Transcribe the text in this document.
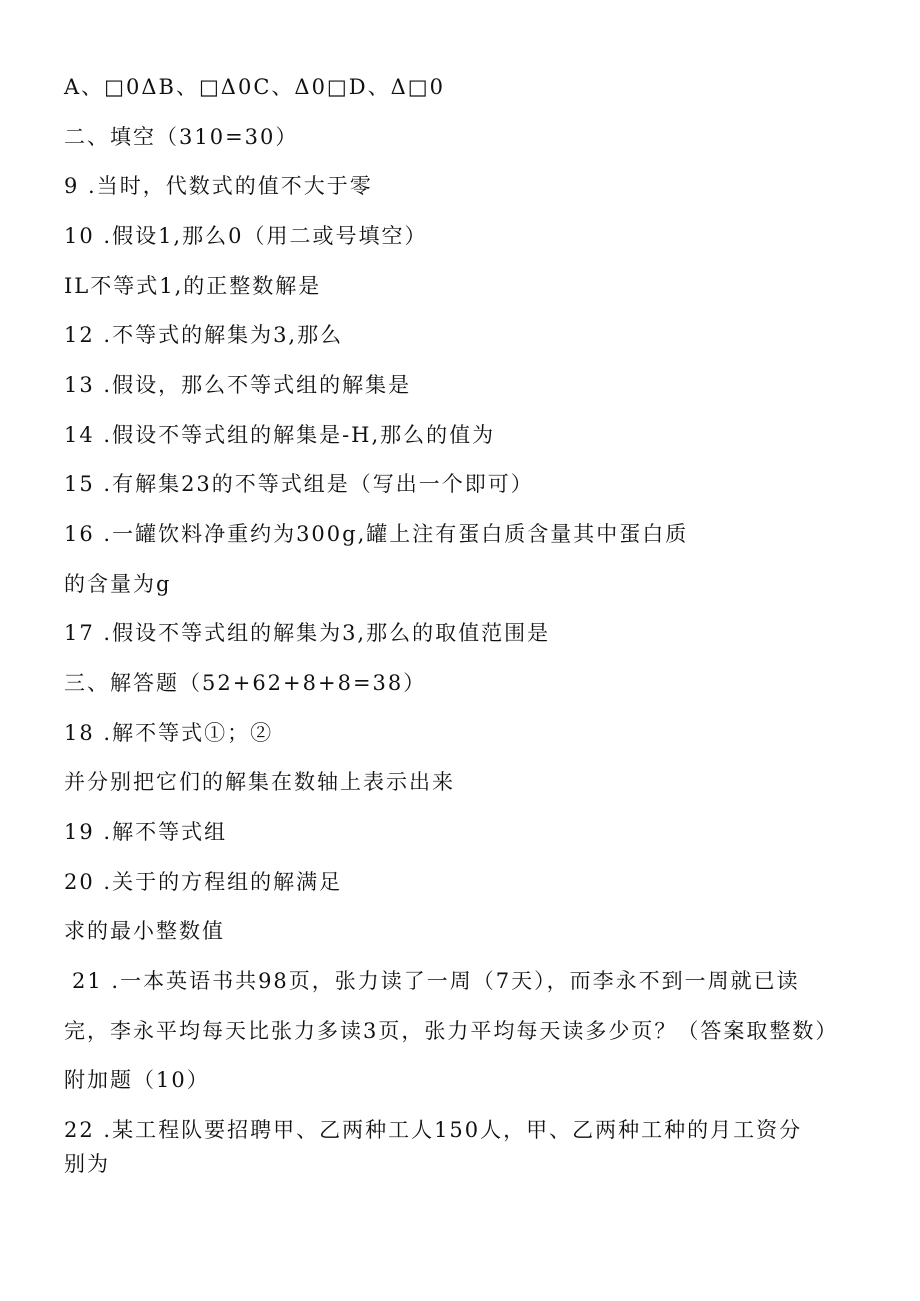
A、□0ΔB、□Δ0C、Δ0□D、Δ□0
二、填空（310=30）
9 .当时，代数式的值不大于零
10 .假设1,那么0（用二或号填空）
IL不等式1,的正整数解是
12 .不等式的解集为3,那么
13 .假设，那么不等式组的解集是
14 .假设不等式组的解集是-H,那么的值为
15 .有解集23的不等式组是（写出一个即可）
16 .一罐饮料净重约为300g,罐上注有蛋白质含量其中蛋白质
的含量为g
17 .假设不等式组的解集为3,那么的取值范围是
三、解答题（52+62+8+8=38）
18 .解不等式①；②
并分别把它们的解集在数轴上表示出来
19 .解不等式组
20 .关于的方程组的解满足
求的最小整数值
21 .一本英语书共98页，张力读了一周（7天），而李永不到一周就已读
完，李永平均每天比张力多读3页，张力平均每天读多少页？（答案取整数）
附加题（10）
22 .某工程队要招聘甲、乙两种工人150人，甲、乙两种工种的月工资分
别为
